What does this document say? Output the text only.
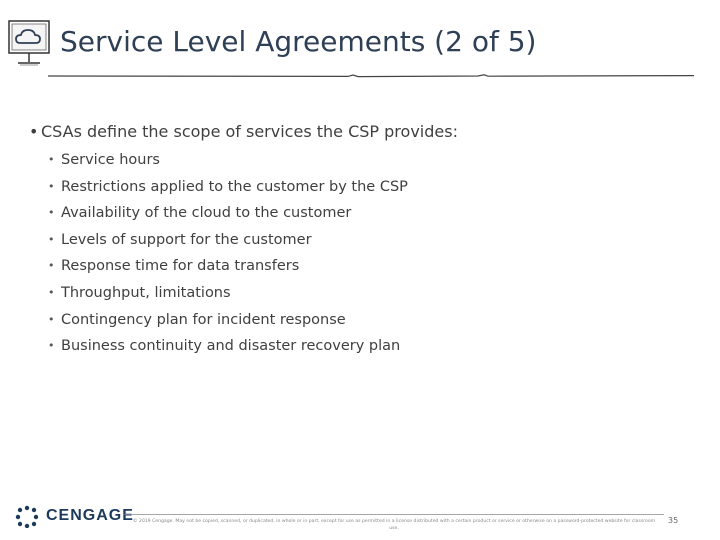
Service Level Agreements (2 of 5)
• CSAs define the scope of services the CSP provides:
• Service hours
• Restrictions applied to the customer by the CSP
• Availability of the cloud to the customer
• Levels of support for the customer
• Response time for data transfers
• Throughput, limitations
• Contingency plan for incident response
• Business continuity and disaster recovery plan
CENGAGE
© 2019 Cengage. May not be copied, scanned, or duplicated, in whole or in part, except for use as permitted in a license distributed with a certain product or service or otherwise on a password-protected website for classroom use.
35
